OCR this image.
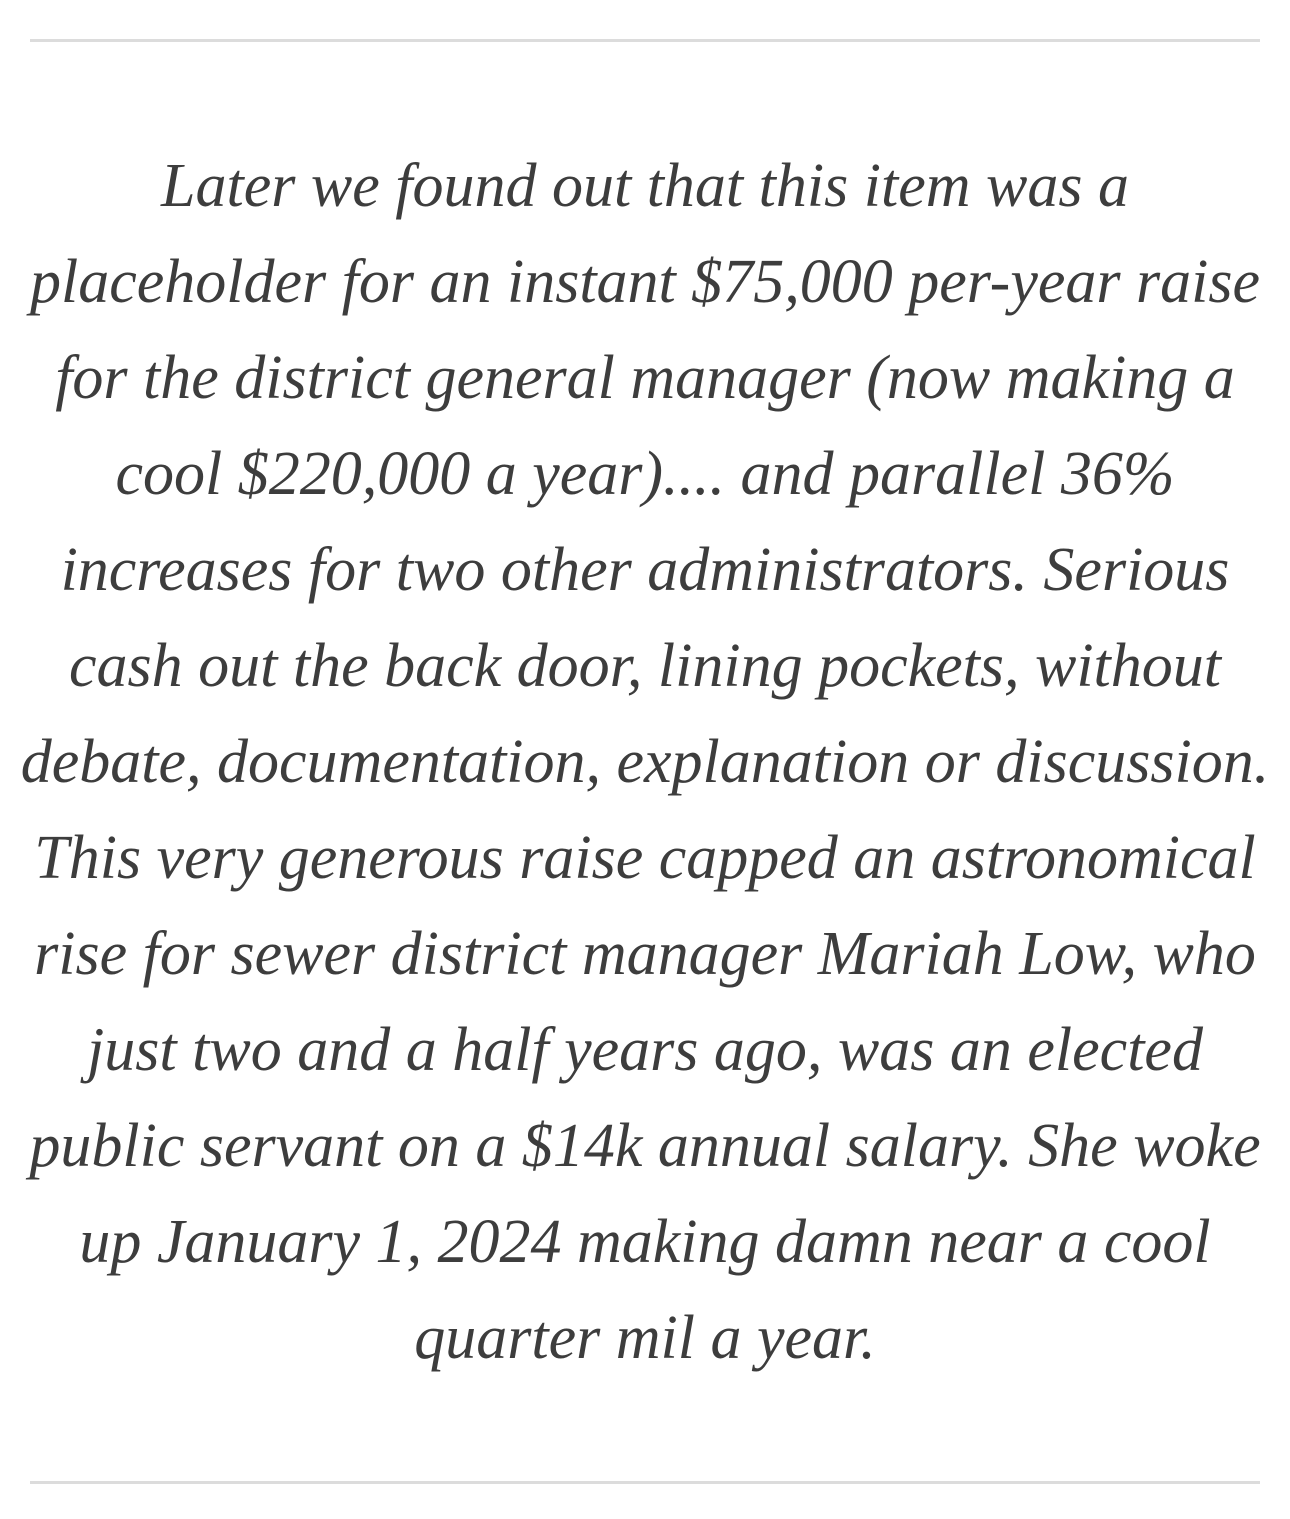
Later we found out that this item was a
placeholder for an instant $75,000 per-year raise
for the district general manager (now making a
cool $220,000 a year).... and parallel 36%
increases for two other administrators. Serious
cash out the back door, lining pockets, without
debate, documentation, explanation or discussion.
This very generous raise capped an astronomical
rise for sewer district manager Mariah Low, who
just two and a half years ago, was an elected
public servant on a $14k annual salary. She woke
up January 1, 2024 making damn near a cool
quarter mil a year.
